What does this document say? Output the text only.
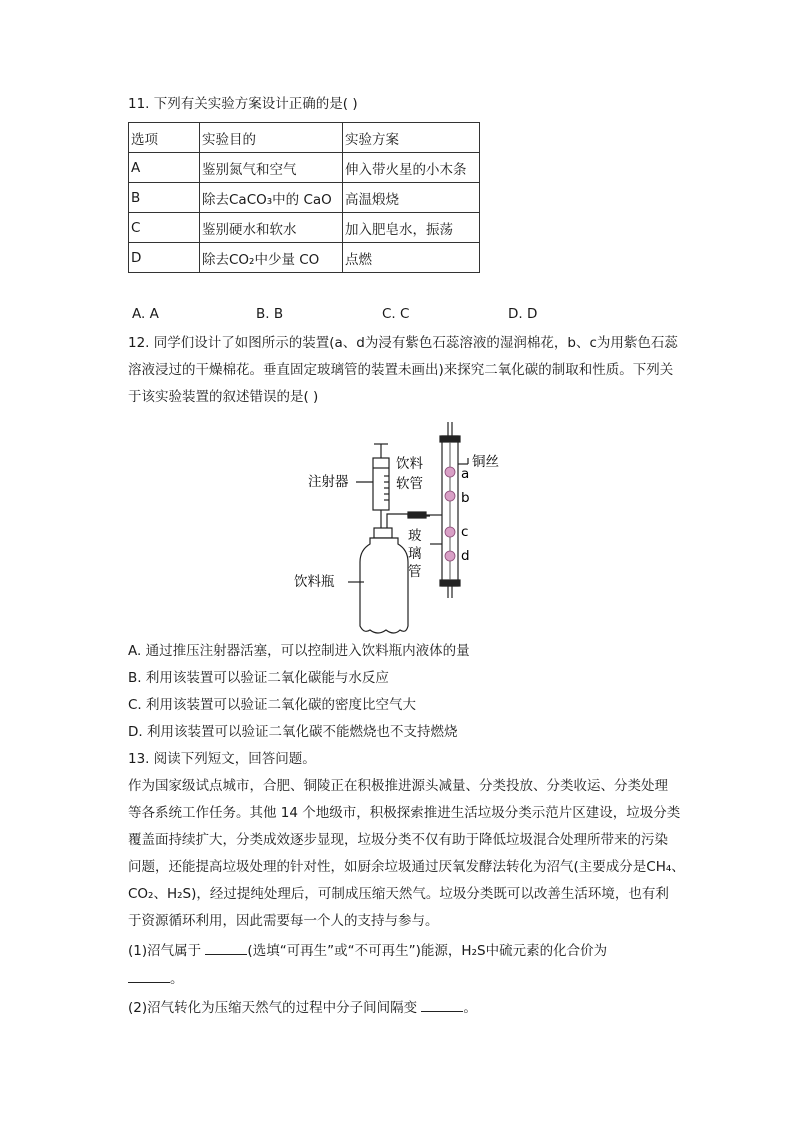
11. 下列有关实验方案设计正确的是( )
选项	实验目的	实验方案
A	鉴别氮气和空气	伸入带火星的小木条
B	除去CaCO₃中的 CaO	高温煅烧
C	鉴别硬水和软水	加入肥皂水，振荡
D	除去CO₂中少量 CO	点燃
A. A	B. B	C. C	D. D
12. 同学们设计了如图所示的装置(a、d为浸有紫色石蕊溶液的湿润棉花，b、c为用紫色石蕊
溶液浸过的干燥棉花。垂直固定玻璃管的装置未画出)来探究二氧化碳的制取和性质。下列关
于该实验装置的叙述错误的是( )
注射器
饮料
软管
铜丝
玻
璃
管
饮料瓶
a
b
c
d
A. 通过推压注射器活塞，可以控制进入饮料瓶内液体的量
B. 利用该装置可以验证二氧化碳能与水反应
C. 利用该装置可以验证二氧化碳的密度比空气大
D. 利用该装置可以验证二氧化碳不能燃烧也不支持燃烧
13. 阅读下列短文，回答问题。
作为国家级试点城市，合肥、铜陵正在积极推进源头减量、分类投放、分类收运、分类处理
等各系统工作任务。其他 14 个地级市，积极探索推进生活垃圾分类示范片区建设，垃圾分类
覆盖面持续扩大，分类成效逐步显现，垃圾分类不仅有助于降低垃圾混合处理所带来的污染
问题，还能提高垃圾处理的针对性，如厨余垃圾通过厌氧发酵法转化为沼气(主要成分是CH₄、
CO₂、H₂S)，经过提纯处理后，可制成压缩天然气。垃圾分类既可以改善生活环境，也有利
于资源循环利用，因此需要每一个人的支持与参与。
(1)沼气属于	(选填“可再生”或“不可再生”)能源，H₂S中硫元素的化合价为
。
(2)沼气转化为压缩天然气的过程中分子间间隔变	。
